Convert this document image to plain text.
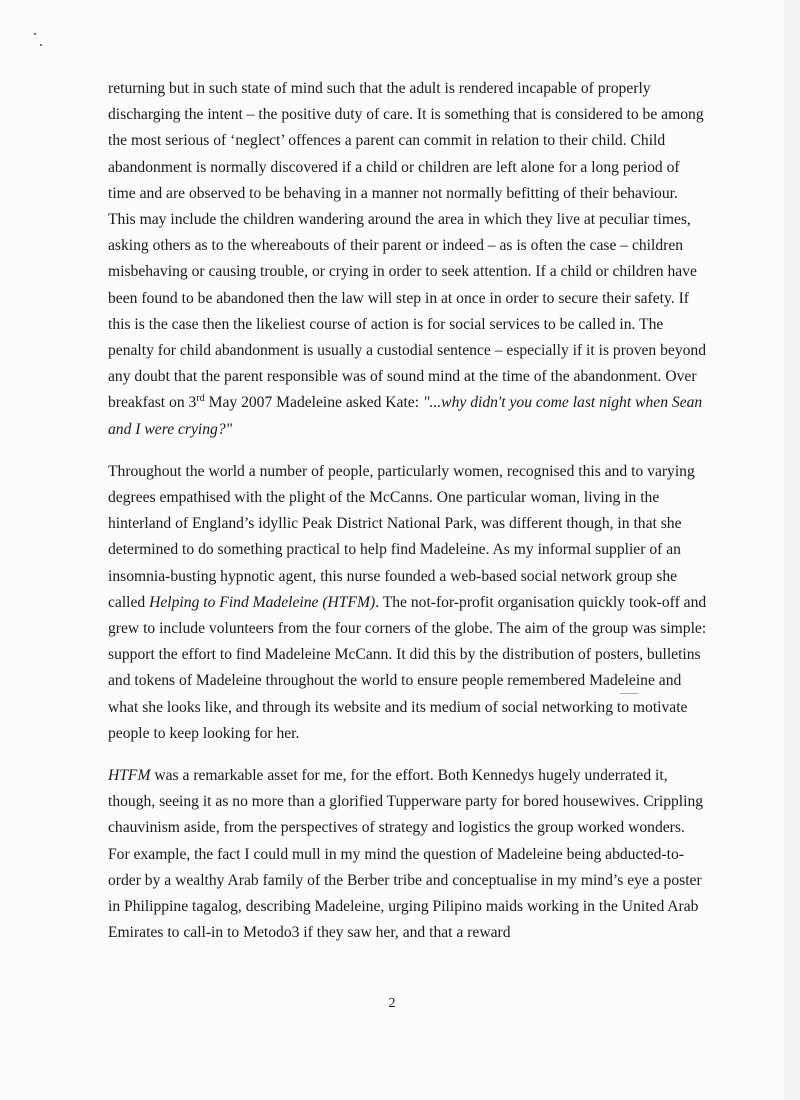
returning but in such state of mind such that the adult is rendered incapable of properly discharging the intent – the positive duty of care. It is something that is considered to be among the most serious of ‘neglect’ offences a parent can commit in relation to their child. Child abandonment is normally discovered if a child or children are left alone for a long period of time and are observed to be behaving in a manner not normally befitting of their behaviour. This may include the children wandering around the area in which they live at peculiar times, asking others as to the whereabouts of their parent or indeed – as is often the case – children misbehaving or causing trouble, or crying in order to seek attention. If a child or children have been found to be abandoned then the law will step in at once in order to secure their safety. If this is the case then the likeliest course of action is for social services to be called in. The penalty for child abandonment is usually a custodial sentence – especially if it is proven beyond any doubt that the parent responsible was of sound mind at the time of the abandonment. Over breakfast on 3rd May 2007 Madeleine asked Kate: "...why didn't you come last night when Sean and I were crying?"

Throughout the world a number of people, particularly women, recognised this and to varying degrees empathised with the plight of the McCanns. One particular woman, living in the hinterland of England’s idyllic Peak District National Park, was different though, in that she determined to do something practical to help find Madeleine. As my informal supplier of an insomnia-busting hypnotic agent, this nurse founded a web-based social network group she called Helping to Find Madeleine (HTFM). The not-for-profit organisation quickly took-off and grew to include volunteers from the four corners of the globe. The aim of the group was simple: support the effort to find Madeleine McCann. It did this by the distribution of posters, bulletins and tokens of Madeleine throughout the world to ensure people remembered Madeleine and what she looks like, and through its website and its medium of social networking to motivate people to keep looking for her.

HTFM was a remarkable asset for me, for the effort. Both Kennedys hugely underrated it, though, seeing it as no more than a glorified Tupperware party for bored housewives. Crippling chauvinism aside, from the perspectives of strategy and logistics the group worked wonders. For example, the fact I could mull in my mind the question of Madeleine being abducted-to-order by a wealthy Arab family of the Berber tribe and conceptualise in my mind’s eye a poster in Philippine tagalog, describing Madeleine, urging Pilipino maids working in the United Arab Emirates to call-in to Metodo3 if they saw her, and that a reward

2
